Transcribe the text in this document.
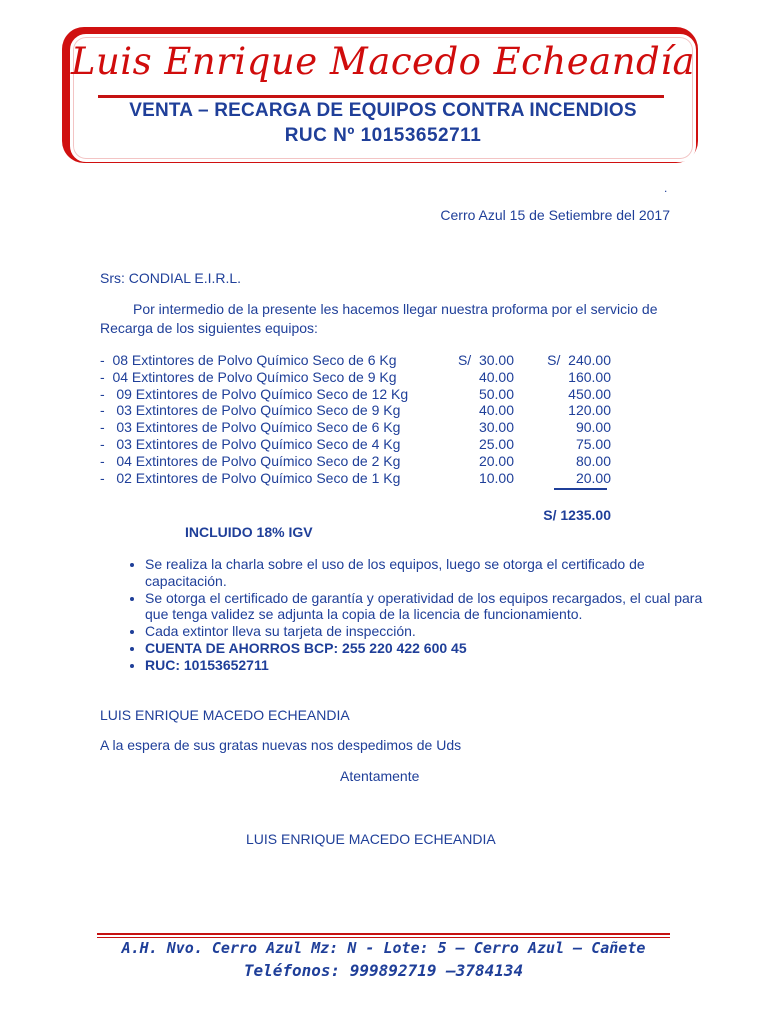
Luis Enrique Macedo Echeandía
VENTA – RECARGA DE EQUIPOS CONTRA INCENDIOS
RUC Nº 10153652711
.
Cerro Azul 15 de Setiembre del 2017
Srs: CONDIAL E.I.R.L.
Por intermedio de la presente les hacemos llegar nuestra proforma por el servicio de Recarga de los siguientes equipos:
-  08 Extintores de Polvo Químico Seco de 6 Kg	S/  30.00 S/  240.00
-  04 Extintores de Polvo Químico Seco de 9 Kg	40.00	160.00
-   09 Extintores de Polvo Químico Seco de 12 Kg	50.00	450.00
-   03 Extintores de Polvo Químico Seco de 9 Kg	40.00	120.00
-   03 Extintores de Polvo Químico Seco de 6 Kg	30.00	90.00
-   03 Extintores de Polvo Químico Seco de 4 Kg	25.00	75.00
-   04 Extintores de Polvo Químico Seco de 2 Kg	20.00	80.00
-   02 Extintores de Polvo Químico Seco de 1 Kg	10.00	20.00
S/ 1235.00
INCLUIDO 18% IGV
• Se realiza la charla sobre el uso de los equipos, luego se otorga el certificado de capacitación.
• Se otorga el certificado de garantía y operatividad de los equipos recargados, el cual para que tenga validez se adjunta la copia de la licencia de funcionamiento.
• Cada extintor lleva su tarjeta de inspección.
• CUENTA DE AHORROS BCP: 255 220 422 600 45
• RUC: 10153652711
LUIS ENRIQUE MACEDO ECHEANDIA
A la espera de sus gratas nuevas nos despedimos de Uds
Atentamente
LUIS ENRIQUE MACEDO ECHEANDIA
A.H. Nvo. Cerro Azul Mz: N - Lote: 5 – Cerro Azul – Cañete
Teléfonos: 999892719 –3784134
